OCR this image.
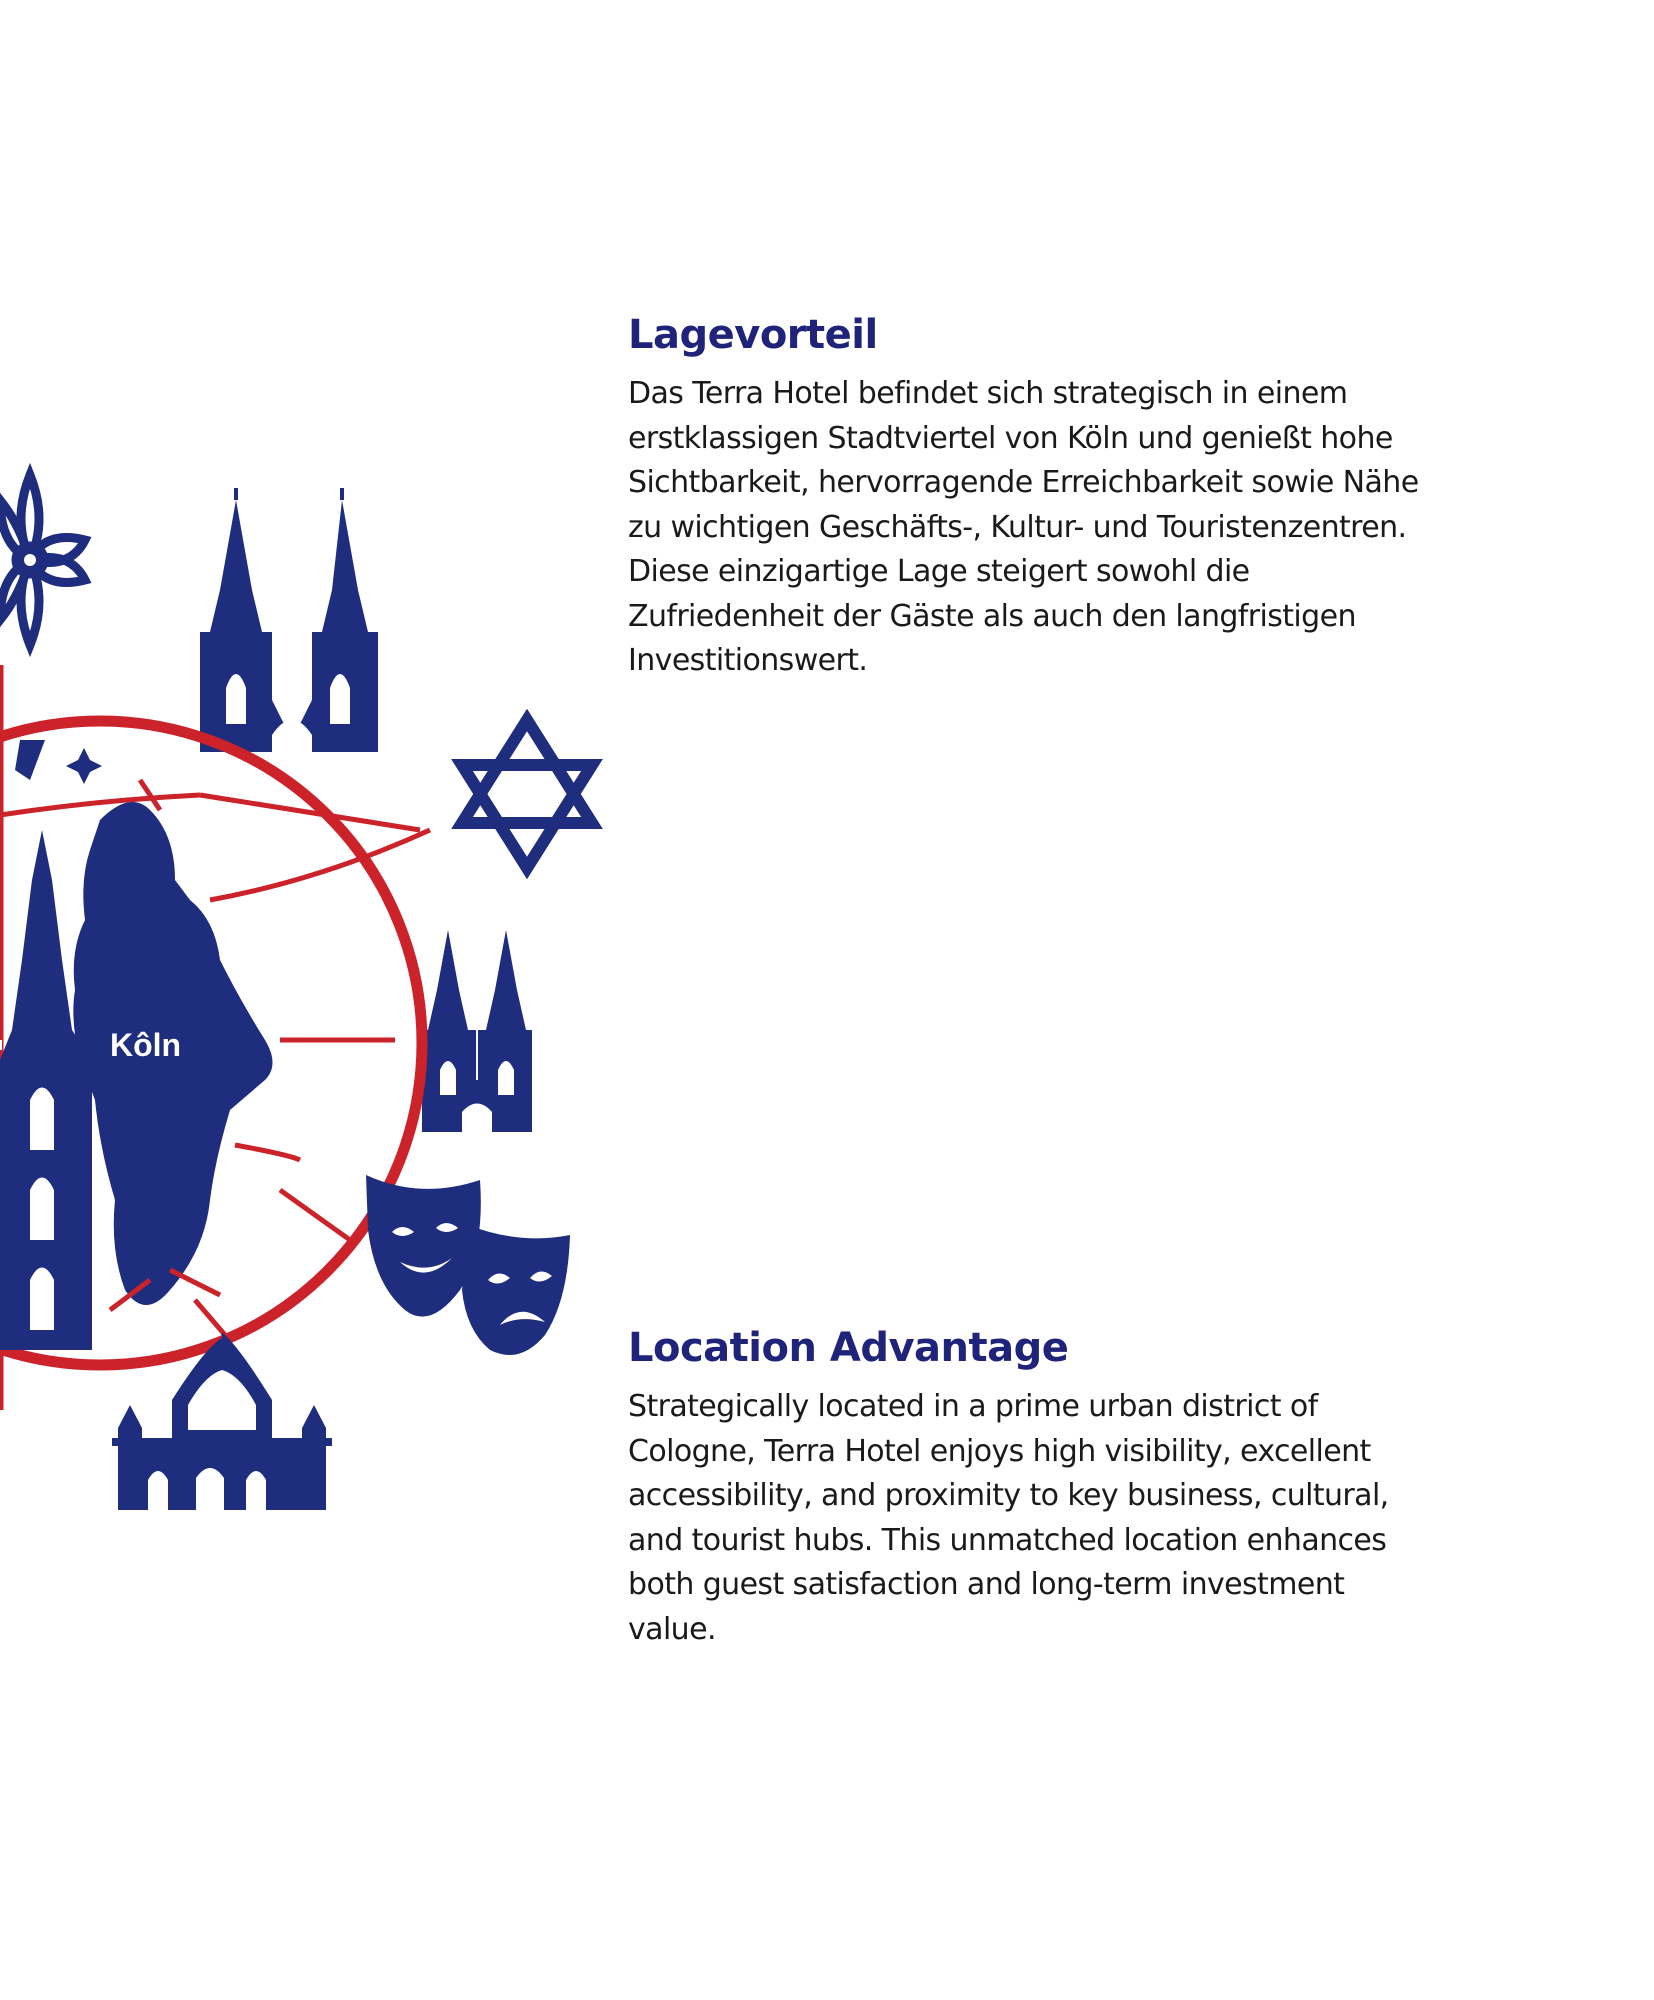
Kôln
Lagevorteil

Das Terra Hotel befindet sich strategisch in einem erstklassigen Stadtviertel von Köln und genießt hohe Sichtbarkeit, hervorragende Erreichbarkeit sowie Nähe zu wichtigen Geschäfts-, Kultur- und Touristenzentren. Diese einzigartige Lage steigert sowohl die Zufriedenheit der Gäste als auch den langfristigen Investitionswert.

Location Advantage

Strategically located in a prime urban district of Cologne, Terra Hotel enjoys high visibility, excellent accessibility, and proximity to key business, cultural, and tourist hubs. This unmatched location enhances both guest satisfaction and long-term investment value.
